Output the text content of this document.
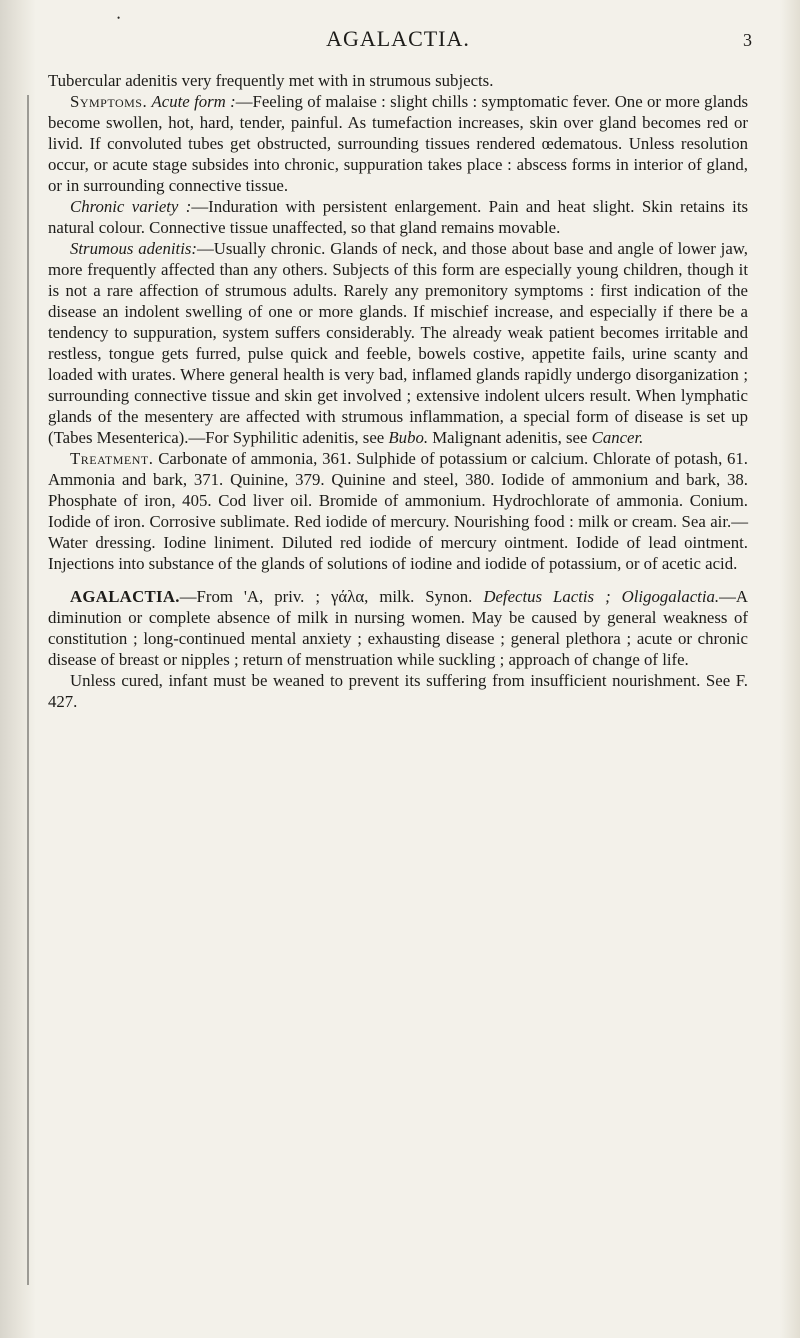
•
AGALACTIA.	3

Tubercular adenitis very frequently met with in strumous subjects.

Symptoms. Acute form :—Feeling of malaise : slight chills : symptomatic fever. One or more glands become swollen, hot, hard, tender, painful. As tumefaction increases, skin over gland becomes red or livid. If convoluted tubes get obstructed, surrounding tissues rendered œdematous. Unless resolution occur, or acute stage subsides into chronic, suppuration takes place : abscess forms in interior of gland, or in surrounding connective tissue.

Chronic variety :—Induration with persistent enlargement. Pain and heat slight. Skin retains its natural colour. Connective tissue unaffected, so that gland remains movable.

Strumous adenitis:—Usually chronic. Glands of neck, and those about base and angle of lower jaw, more frequently affected than any others. Subjects of this form are especially young children, though it is not a rare affection of strumous adults. Rarely any premonitory symptoms : first indication of the disease an indolent swelling of one or more glands. If mischief increase, and especially if there be a tendency to suppuration, system suffers considerably. The already weak patient becomes irritable and restless, tongue gets furred, pulse quick and feeble, bowels costive, appetite fails, urine scanty and loaded with urates. Where general health is very bad, inflamed glands rapidly undergo disorganization ; surrounding connective tissue and skin get involved ; extensive indolent ulcers result. When lymphatic glands of the mesentery are affected with strumous inflammation, a special form of disease is set up (Tabes Mesenterica).—For Syphilitic adenitis, see Bubo. Malignant adenitis, see Cancer.

Treatment. Carbonate of ammonia, 361. Sulphide of potassium or calcium. Chlorate of potash, 61. Ammonia and bark, 371. Quinine, 379. Quinine and steel, 380. Iodide of ammonium and bark, 38. Phosphate of iron, 405. Cod liver oil. Bromide of ammonium. Hydrochlorate of ammonia. Conium. Iodide of iron. Corrosive sublimate. Red iodide of mercury. Nourishing food : milk or cream. Sea air.—Water dressing. Iodine liniment. Diluted red iodide of mercury ointment. Iodide of lead ointment. Injections into substance of the glands of solutions of iodine and iodide of potassium, or of acetic acid.

AGALACTIA.—From 'Α, priv. ; γάλα, milk. Synon. Defectus Lactis ; Oligogalactia.—A diminution or complete absence of milk in nursing women. May be caused by general weakness of constitution ; long-continued mental anxiety ; exhausting disease ; general plethora ; acute or chronic disease of breast or nipples ; return of menstruation while suckling ; approach of change of life.

Unless cured, infant must be weaned to prevent its suffering from insufficient nourishment. See F. 427.
